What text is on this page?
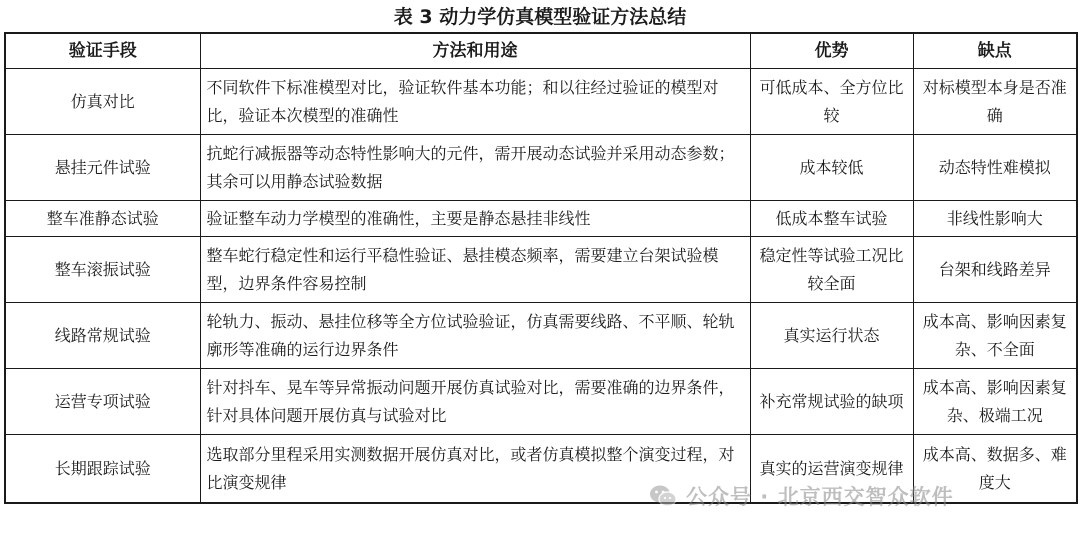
表 3 动力学仿真模型验证方法总结
验证手段	方法和用途	优势	缺点
仿真对比	不同软件下标准模型对比，验证软件基本功能；和以往经过验证的模型对比，验证本次模型的准确性	可低成本、全方位比较	对标模型本身是否准确
悬挂元件试验	抗蛇行减振器等动态特性影响大的元件，需开展动态试验并采用动态参数；其余可以用静态试验数据	成本较低	动态特性难模拟
整车准静态试验	验证整车动力学模型的准确性，主要是静态悬挂非线性	低成本整车试验	非线性影响大
整车滚振试验	整车蛇行稳定性和运行平稳性验证、悬挂模态频率，需要建立台架试验模型，边界条件容易控制	稳定性等试验工况比较全面	台架和线路差异
线路常规试验	轮轨力、振动、悬挂位移等全方位试验验证，仿真需要线路、不平顺、轮轨廓形等准确的运行边界条件	真实运行状态	成本高、影响因素复杂、不全面
运营专项试验	针对抖车、晃车等异常振动问题开展仿真试验对比，需要准确的边界条件，针对具体问题开展仿真与试验对比	补充常规试验的缺项	成本高、影响因素复杂、极端工况
长期跟踪试验	选取部分里程采用实测数据开展仿真对比，或者仿真模拟整个演变过程，对比演变规律	真实的运营演变规律	成本高、数据多、难度大
公众号 · 北京西交智众软件
